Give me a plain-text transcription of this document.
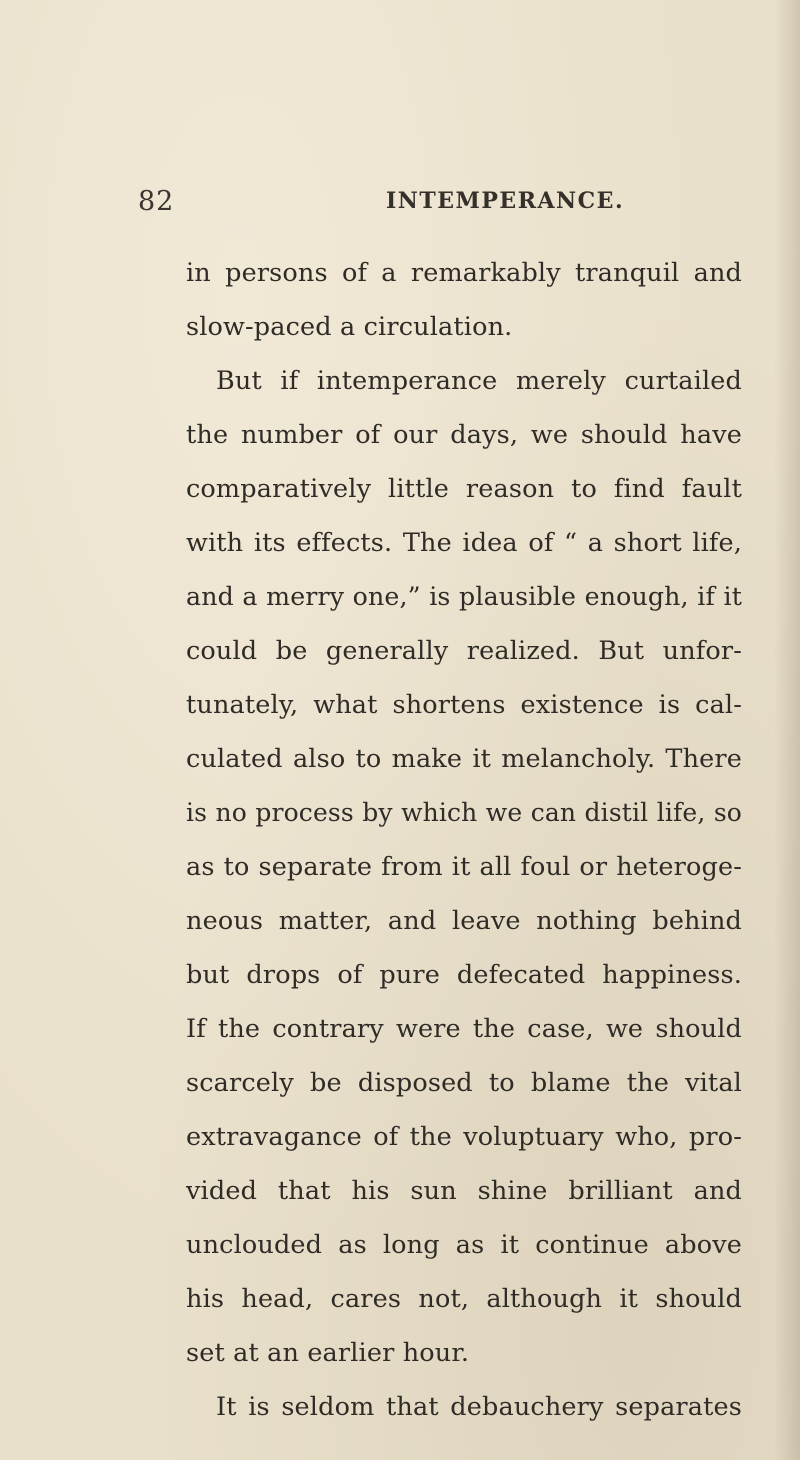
82	INTEMPERANCE.
in persons of a remarkably tranquil and
slow-paced a circulation.
But if intemperance merely curtailed
the number of our days, we should have
comparatively little reason to find fault
with its effects. The idea of “ a short life,
and a merry one,” is plausible enough, if it
could be generally realized. But unfor-
tunately, what shortens existence is cal-
culated also to make it melancholy. There
is no process by which we can distil life, so
as to separate from it all foul or heteroge-
neous matter, and leave nothing behind
but drops of pure defecated happiness.
If the contrary were the case, we should
scarcely be disposed to blame the vital
extravagance of the voluptuary who, pro-
vided that his sun shine brilliant and
unclouded as long as it continue above
his head, cares not, although it should
set at an earlier hour.
It is seldom that debauchery separates
